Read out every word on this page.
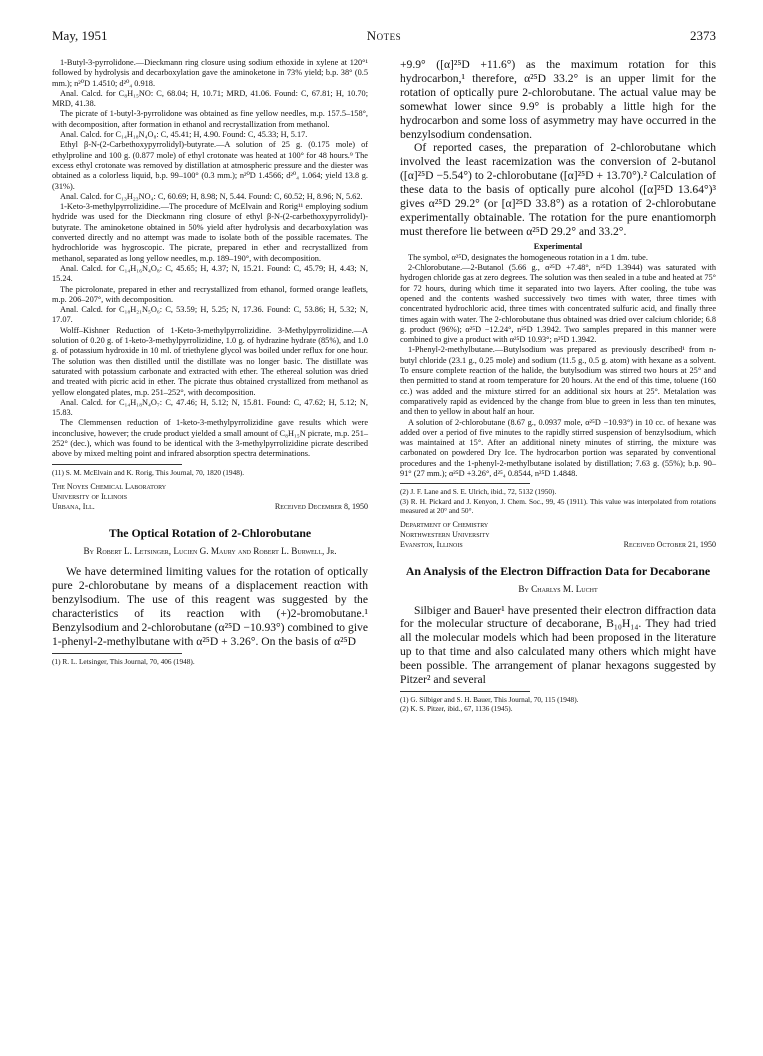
May, 1951	Notes	2373

1-Butyl-3-pyrrolidone.—Dieckmann ring closure using sodium ethoxide in xylene at 120°¹ followed by hydrolysis and decarboxylation gave the aminoketone in 73% yield; b.p. 38° (0.5 mm.); n²⁰D 1.4510; d²⁰₄ 0.918.

Anal. Calcd. for C₈H₁₅NO: C, 68.04; H, 10.71; MRD, 41.06. Found: C, 67.81; H, 10.70; MRD, 41.38.

The picrate of 1-butyl-3-pyrrolidone was obtained as fine yellow needles, m.p. 157.5–158°, with decomposition, after formation in ethanol and recrystallization from methanol.

Anal. Calcd. for C₁₄H₁₈N₄O₈: C, 45.41; H, 4.90. Found: C, 45.33; H, 5.17.

Ethyl β-N-(2-Carbethoxypyrrolidyl)-butyrate.—A solution of 25 g. (0.175 mole) of ethylproline and 100 g. (0.877 mole) of ethyl crotonate was heated at 100° for 48 hours.⁹ The excess ethyl crotonate was removed by distillation at atmospheric pressure and the diester was obtained as a colorless liquid, b.p. 99–100° (0.3 mm.); n²⁰D 1.4566; d²⁰₄ 1.064; yield 13.8 g. (31%).

Anal. Calcd. for C₁₃H₂₃NO₄: C, 60.69; H, 8.98; N, 5.44. Found: C, 60.52; H, 8.96; N, 5.62.

1-Keto-3-methylpyrrolizidine.—The procedure of McElvain and Rorig¹¹ employing sodium hydride was used for the Dieckmann ring closure of ethyl β-N-(2-carbethoxypyrrolidyl)-butyrate. The aminoketone obtained in 50% yield after hydrolysis and decarboxylation was converted directly and no attempt was made to isolate both of the possible racemates. The hydrochloride was hygroscopic. The picrate, prepared in ether and recrystallized from methanol, separated as long yellow needles, m.p. 189–190°, with decomposition.

Anal. Calcd. for C₁₄H₁₆N₄O₈: C, 45.65; H, 4.37; N, 15.21. Found: C, 45.79; H, 4.43; N, 15.24.

The picrolonate, prepared in ether and recrystallized from ethanol, formed orange leaflets, m.p. 206–207°, with decomposition.

Anal. Calcd. for C₁₈H₂₁N₅O₆: C, 53.59; H, 5.25; N, 17.36. Found: C, 53.86; H, 5.32; N, 17.07.

Wolff–Kishner Reduction of 1-Keto-3-methylpyrrolizidine. 3-Methylpyrrolizidine.—A solution of 0.20 g. of 1-keto-3-methylpyrrolizidine, 1.0 g. of hydrazine hydrate (85%), and 1.0 g. of potassium hydroxide in 10 ml. of triethylene glycol was boiled under reflux for one hour. The solution was then distilled until the distillate was no longer basic. The distillate was saturated with potassium carbonate and extracted with ether. The ethereal solution was dried and treated with picric acid in ether. The picrate thus obtained crystallized from methanol as yellow elongated plates, m.p. 251–252°, with decomposition.

Anal. Calcd. for C₁₄H₁₈N₄O₇: C, 47.46; H, 5.12; N, 15.81. Found: C, 47.62; H, 5.12; N, 15.83.

The Clemmensen reduction of 1-keto-3-methylpyrrolizidine gave results which were inconclusive, however; the crude product yielded a small amount of C₈H₁₅N picrate, m.p. 251–252° (dec.), which was found to be identical with the 3-methylpyrrolizidine picrate described above by mixed melting point and infrared absorption spectra determinations.

(11) S. M. McElvain and K. Rorig, This Journal, 70, 1820 (1948).

The Noyes Chemical Laboratory
University of Illinois
Urbana, Ill.	Received December 8, 1950
The Optical Rotation of 2-Chlorobutane
By Robert L. Letsinger, Lucien G. Maury and Robert L. Burwell, Jr.

We have determined limiting values for the rotation of optically pure 2-chlorobutane by means of a displacement reaction with benzylsodium. The use of this reagent was suggested by the characteristics of its reaction with (+)2-bromobutane.¹ Benzylsodium and 2-chlorobutane (α²⁵D −10.93°) combined to give 1-phenyl-2-methylbutane with α²⁵D + 3.26°. On the basis of α²⁵D

(1) R. L. Letsinger, This Journal, 70, 406 (1948).

+9.9° ([α]²⁵D +11.6°) as the maximum rotation for this hydrocarbon,¹ therefore, α²⁵D 33.2° is an upper limit for the rotation of optically pure 2-chlorobutane. The actual value may be somewhat lower since 9.9° is probably a little high for the hydrocarbon and some loss of asymmetry may have occurred in the benzylsodium condensation.

Of reported cases, the preparation of 2-chlorobutane which involved the least racemization was the conversion of 2-butanol ([α]²⁵D −5.54°) to 2-chlorobutane ([α]²⁵D + 13.70°).² Calculation of these data to the basis of optically pure alcohol ([α]²⁵D 13.64°)³ gives α²⁵D 29.2° (or [α]²⁵D 33.8°) as a rotation of 2-chlorobutane experimentally obtainable. The rotation for the pure enantiomorph must therefore lie between α²⁵D 29.2° and 33.2°.

Experimental

The symbol, α²⁵D, designates the homogeneous rotation in a 1 dm. tube.

2-Chlorobutane.—2-Butanol (5.66 g., α²⁵D +7.48°, n²⁵D 1.3944) was saturated with hydrogen chloride gas at zero degrees. The solution was then sealed in a tube and heated at 75° for 72 hours, during which time it separated into two layers. After cooling, the tube was opened and the contents washed successively two times with water, three times with concentrated hydrochloric acid, three times with concentrated sulfuric acid, and finally three times again with water. The 2-chlorobutane thus obtained was dried over calcium chloride; 6.8 g. product (96%); α²⁵D −12.24°, n²⁵D 1.3942. Two samples prepared in this manner were combined to give a product with α²⁵D 10.93°; n²⁵D 1.3942.

1-Phenyl-2-methylbutane.—Butylsodium was prepared as previously described¹ from n-butyl chloride (23.1 g., 0.25 mole) and sodium (11.5 g., 0.5 g. atom) with hexane as a solvent. To ensure complete reaction of the halide, the butylsodium was stirred two hours at 25° and then permitted to stand at room temperature for 20 hours. At the end of this time, toluene (160 cc.) was added and the mixture stirred for an additional six hours at 25°. Metalation was comparatively rapid as evidenced by the change from blue to green in less than ten minutes, and then to yellow in about half an hour.

A solution of 2-chlorobutane (8.67 g., 0.0937 mole, α²⁵D −10.93°) in 10 cc. of hexane was added over a period of five minutes to the rapidly stirred suspension of benzylsodium, which was maintained at 15°. After an additional ninety minutes of stirring, the mixture was carbonated on powdered Dry Ice. The hydrocarbon portion was separated by conventional procedures and the 1-phenyl-2-methylbutane isolated by distillation; 7.63 g. (55%); b.p. 90–91° (27 mm.); α²⁵D +3.26°, d²⁵₄ 0.8544, n²⁵D 1.4848.

(2) J. F. Lane and S. E. Ulrich, ibid., 72, 5132 (1950).

(3) R. H. Pickard and J. Kenyon, J. Chem. Soc., 99, 45 (1911). This value was interpolated from rotations measured at 20° and 50°.

Department of Chemistry
Northwestern University
Evanston, Illinois	Received October 21, 1950
An Analysis of the Electron Diffraction Data for Decaborane
By Charlys M. Lucht

Silbiger and Bauer¹ have presented their electron diffraction data for the molecular structure of decaborane, B₁₀H₁₄. They had tried all the molecular models which had been proposed in the literature up to that time and also calculated many others which might have been possible. The arrangement of planar hexagons suggested by Pitzer² and several

(1) G. Silbiger and S. H. Bauer, This Journal, 70, 115 (1948).

(2) K. S. Pitzer, ibid., 67, 1136 (1945).
